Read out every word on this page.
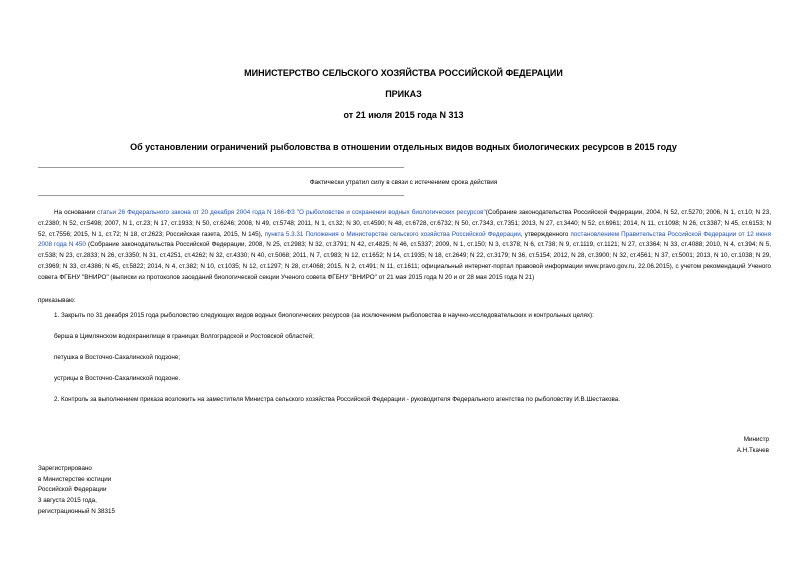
МИНИСТЕРСТВО СЕЛЬСКОГО ХОЗЯЙСТВА РОССИЙСКОЙ ФЕДЕРАЦИИ
ПРИКАЗ
от 21 июля 2015 года N 313
Об установлении ограничений рыболовства в отношении отдельных видов водных биологических ресурсов в 2015 году
Фактически утратил силу в связи с истечением срока действия
На основании статьи 26 Федерального закона от 20 декабря 2004 года N 166-ФЗ "О рыболовстве и сохранении водных биологических ресурсов"(Собрание законодательства Российской Федерации, 2004, N 52, ст.5270; 2006, N 1, ст.10; N 23, ст.2380; N 52, ст.5498; 2007, N 1, ст.23; N 17, ст.1933; N 50, ст.6246; 2008, N 49, ст.5748; 2011, N 1, ст.32; N 30, ст.4590; N 48, ст.6728, ст.6732; N 50, ст.7343, ст.7351; 2013, N 27, ст.3440; N 52, ст.6961; 2014, N 11, ст.1098; N 26, ст.3387; N 45, ст.6153; N 52, ст.7556; 2015, N 1, ст.72; N 18, ст.2623; Российская газета, 2015, N 145), пункта 5.3.31 Положения о Министерстве сельского хозяйства Российской Федерации, утвержденного постановлением Правительства Российской Федерации от 12 июня 2008 года N 450 (Собрание законодательства Российской Федерации, 2008, N 25, ст.2983; N 32, ст.3791; N 42, ст.4825; N 46, ст.5337; 2009, N 1, ст.150; N 3, ст.378; N 6, ст.738; N 9, ст.1119, ст.1121; N 27, ст.3364; N 33, ст.4088; 2010, N 4, ст.394; N 5, ст.538; N 23, ст.2833; N 26, ст.3350; N 31, ст.4251, ст.4262; N 32, ст.4330; N 40, ст.5068; 2011, N 7, ст.983; N 12, ст.1652; N 14, ст.1935; N 18, ст.2649; N 22, ст.3179; N 36, ст.5154; 2012, N 28, ст.3900; N 32, ст.4561; N 37, ст.5001; 2013, N 10, ст.1038; N 29, ст.3969; N 33, ст.4386; N 45, ст.5822; 2014, N 4, ст.382; N 10, ст.1035; N 12, ст.1297; N 28, ст.4068; 2015, N 2, ст.491; N 11, ст.1611; официальный интернет-портал правовой информации www.pravo.gov.ru, 22.06.2015), с учетом рекомендаций Ученого совета ФГБНУ "ВНИРО" (выписки из протоколов заседаний биологической секции Ученого совета ФГБНУ "ВНИРО" от 21 мая 2015 года N 20 и от 28 мая 2015 года N 21)
приказываю:
1. Закрыть по 31 декабря 2015 года рыболовство следующих видов водных биологических ресурсов (за исключением рыболовства в научно-исследовательских и контрольных целях):
берша в Цимлянском водохранилище в границах Волгоградской и Ростовской областей;
петушка в Восточно-Сахалинской подзоне;
устрицы в Восточно-Сахалинской подзоне.
2. Контроль за выполнением приказа возложить на заместителя Министра сельского хозяйства Российской Федерации - руководителя Федерального агентства по рыболовству И.В.Шестакова.
Министр
А.Н.Ткачев
Зарегистрировано
в Министерстве юстиции
Российской Федерации
3 августа 2015 года,
регистрационный N 38315
